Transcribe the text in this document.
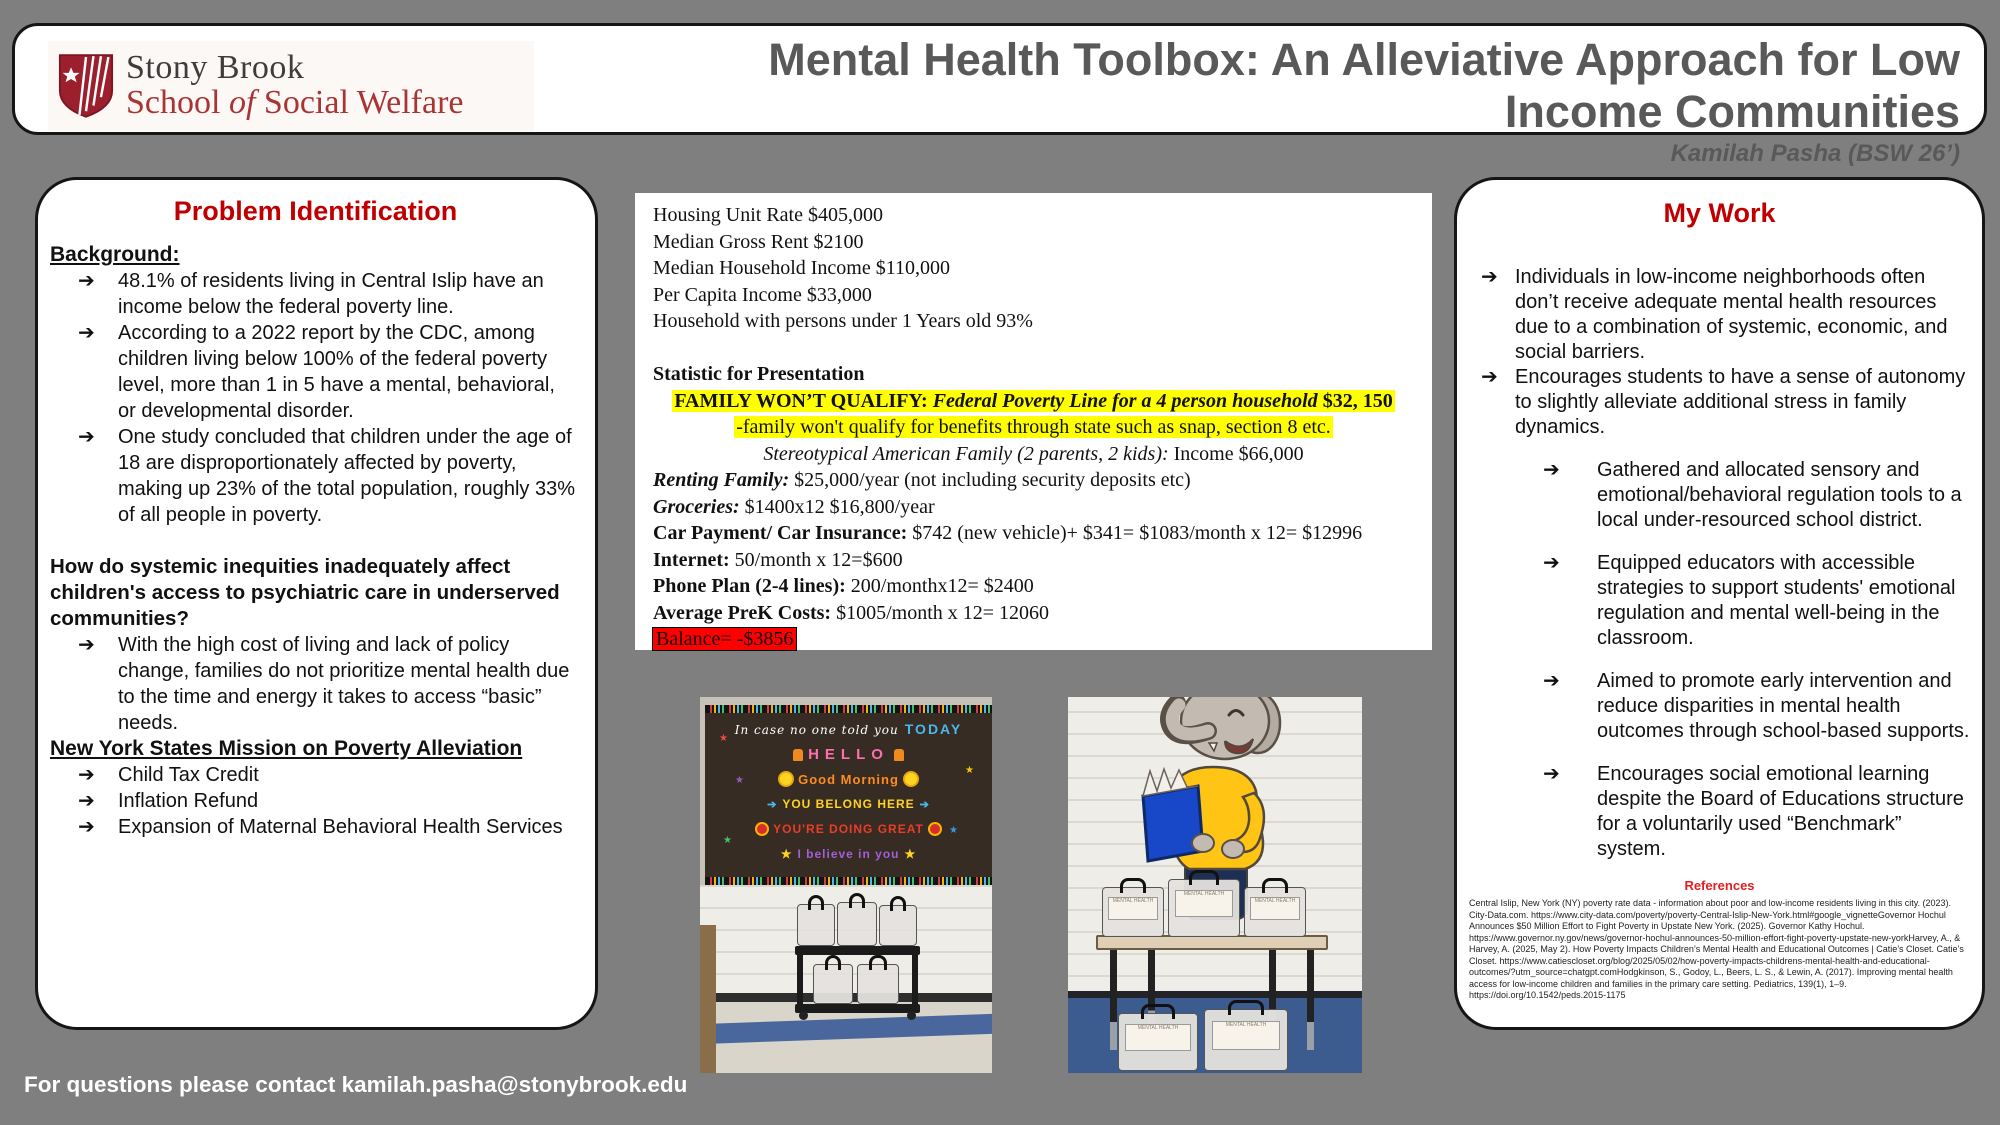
Stony Brook
School of Social Welfare
Mental Health Toolbox: An Alleviative Approach for Low
Income Communities
Kamilah Pasha (BSW 26’)
Problem Identification
Background:
➔	48.1% of residents living in Central Islip have an income below the federal poverty line.
➔	According to a 2022 report by the CDC, among children living below 100% of the federal poverty level, more than 1 in 5 have a mental, behavioral, or developmental disorder.
➔	One study concluded that children under the age of 18 are disproportionately affected by poverty, making up 23% of the total population, roughly 33% of all people in poverty.
How do systemic inequities inadequately affect children's access to psychiatric care in underserved communities?
➔	With the high cost of living and lack of policy change, families do not prioritize mental health due to the time and energy it takes to access “basic” needs.
New York States Mission on Poverty Alleviation
➔	Child Tax Credit
➔	Inflation Refund
➔	Expansion of Maternal Behavioral Health Services
Housing Unit Rate $405,000
Median Gross Rent $2100
Median Household Income $110,000
Per Capita Income $33,000
Household with persons under 1 Years old 93%
Statistic for Presentation
FAMILY WON’T QUALIFY: Federal Poverty Line for a 4 person household $32, 150
-family won't qualify for benefits through state such as snap, section 8 etc.
Stereotypical American Family (2 parents, 2 kids): Income $66,000
Renting Family: $25,000/year (not including security deposits etc)
Groceries: $1400x12 $16,800/year
Car Payment/ Car Insurance: $742 (new vehicle)+ $341= $1083/month x 12= $12996
Internet: 50/month x 12=$600
Phone Plan (2-4 lines): 200/monthx12= $2400
Average PreK Costs: $1005/month x 12= 12060
Balance= -$3856
In case no one told you TODAY
HELLO
Good Morning
➔ YOU BELONG HERE ➔
YOU'RE DOING GREAT
★ I believe in you ★
★
★
★
★
★
MENTAL HEALTH
MENTAL HEALTH
MENTAL HEALTH
MENTAL HEALTH
MENTAL HEALTH
My Work
➔ Individuals in low-income neighborhoods often don’t receive adequate mental health resources due to a combination of systemic, economic, and social barriers.
➔ Encourages students to have a sense of autonomy to slightly alleviate additional stress in family dynamics.
➔	Gathered and allocated sensory and emotional/behavioral regulation tools to a local under-resourced school district.
➔	Equipped educators with accessible strategies to support students' emotional regulation and mental well-being in the classroom.
➔	Aimed to promote early intervention and reduce disparities in mental health outcomes through school-based supports.
➔	Encourages social emotional learning despite the Board of Educations structure for a voluntarily used “Benchmark” system.
References
Central Islip, New York (NY) poverty rate data - information about poor and low-income residents living in this city. (2023). City-Data.com. https://www.city-data.com/poverty/poverty-Central-Islip-New-York.html#google_vignetteGovernor Hochul Announces $50 Million Effort to Fight Poverty in Upstate New York. (2025). Governor Kathy Hochul. https://www.governor.ny.gov/news/governor-hochul-announces-50-million-effort-fight-poverty-upstate-new-yorkHarvey, A., & Harvey, A. (2025, May 2). How Poverty Impacts Children’s Mental Health and Educational Outcomes | Catie’s Closet. Catie’s Closet. https://www.catiescloset.org/blog/2025/05/02/how-poverty-impacts-childrens-mental-health-and-educational-outcomes/?utm_source=chatgpt.comHodgkinson, S., Godoy, L., Beers, L. S., & Lewin, A. (2017). Improving mental health access for low-income children and families in the primary care setting. Pediatrics, 139(1), 1–9. https://doi.org/10.1542/peds.2015-1175
For questions please contact kamilah.pasha@stonybrook.edu
